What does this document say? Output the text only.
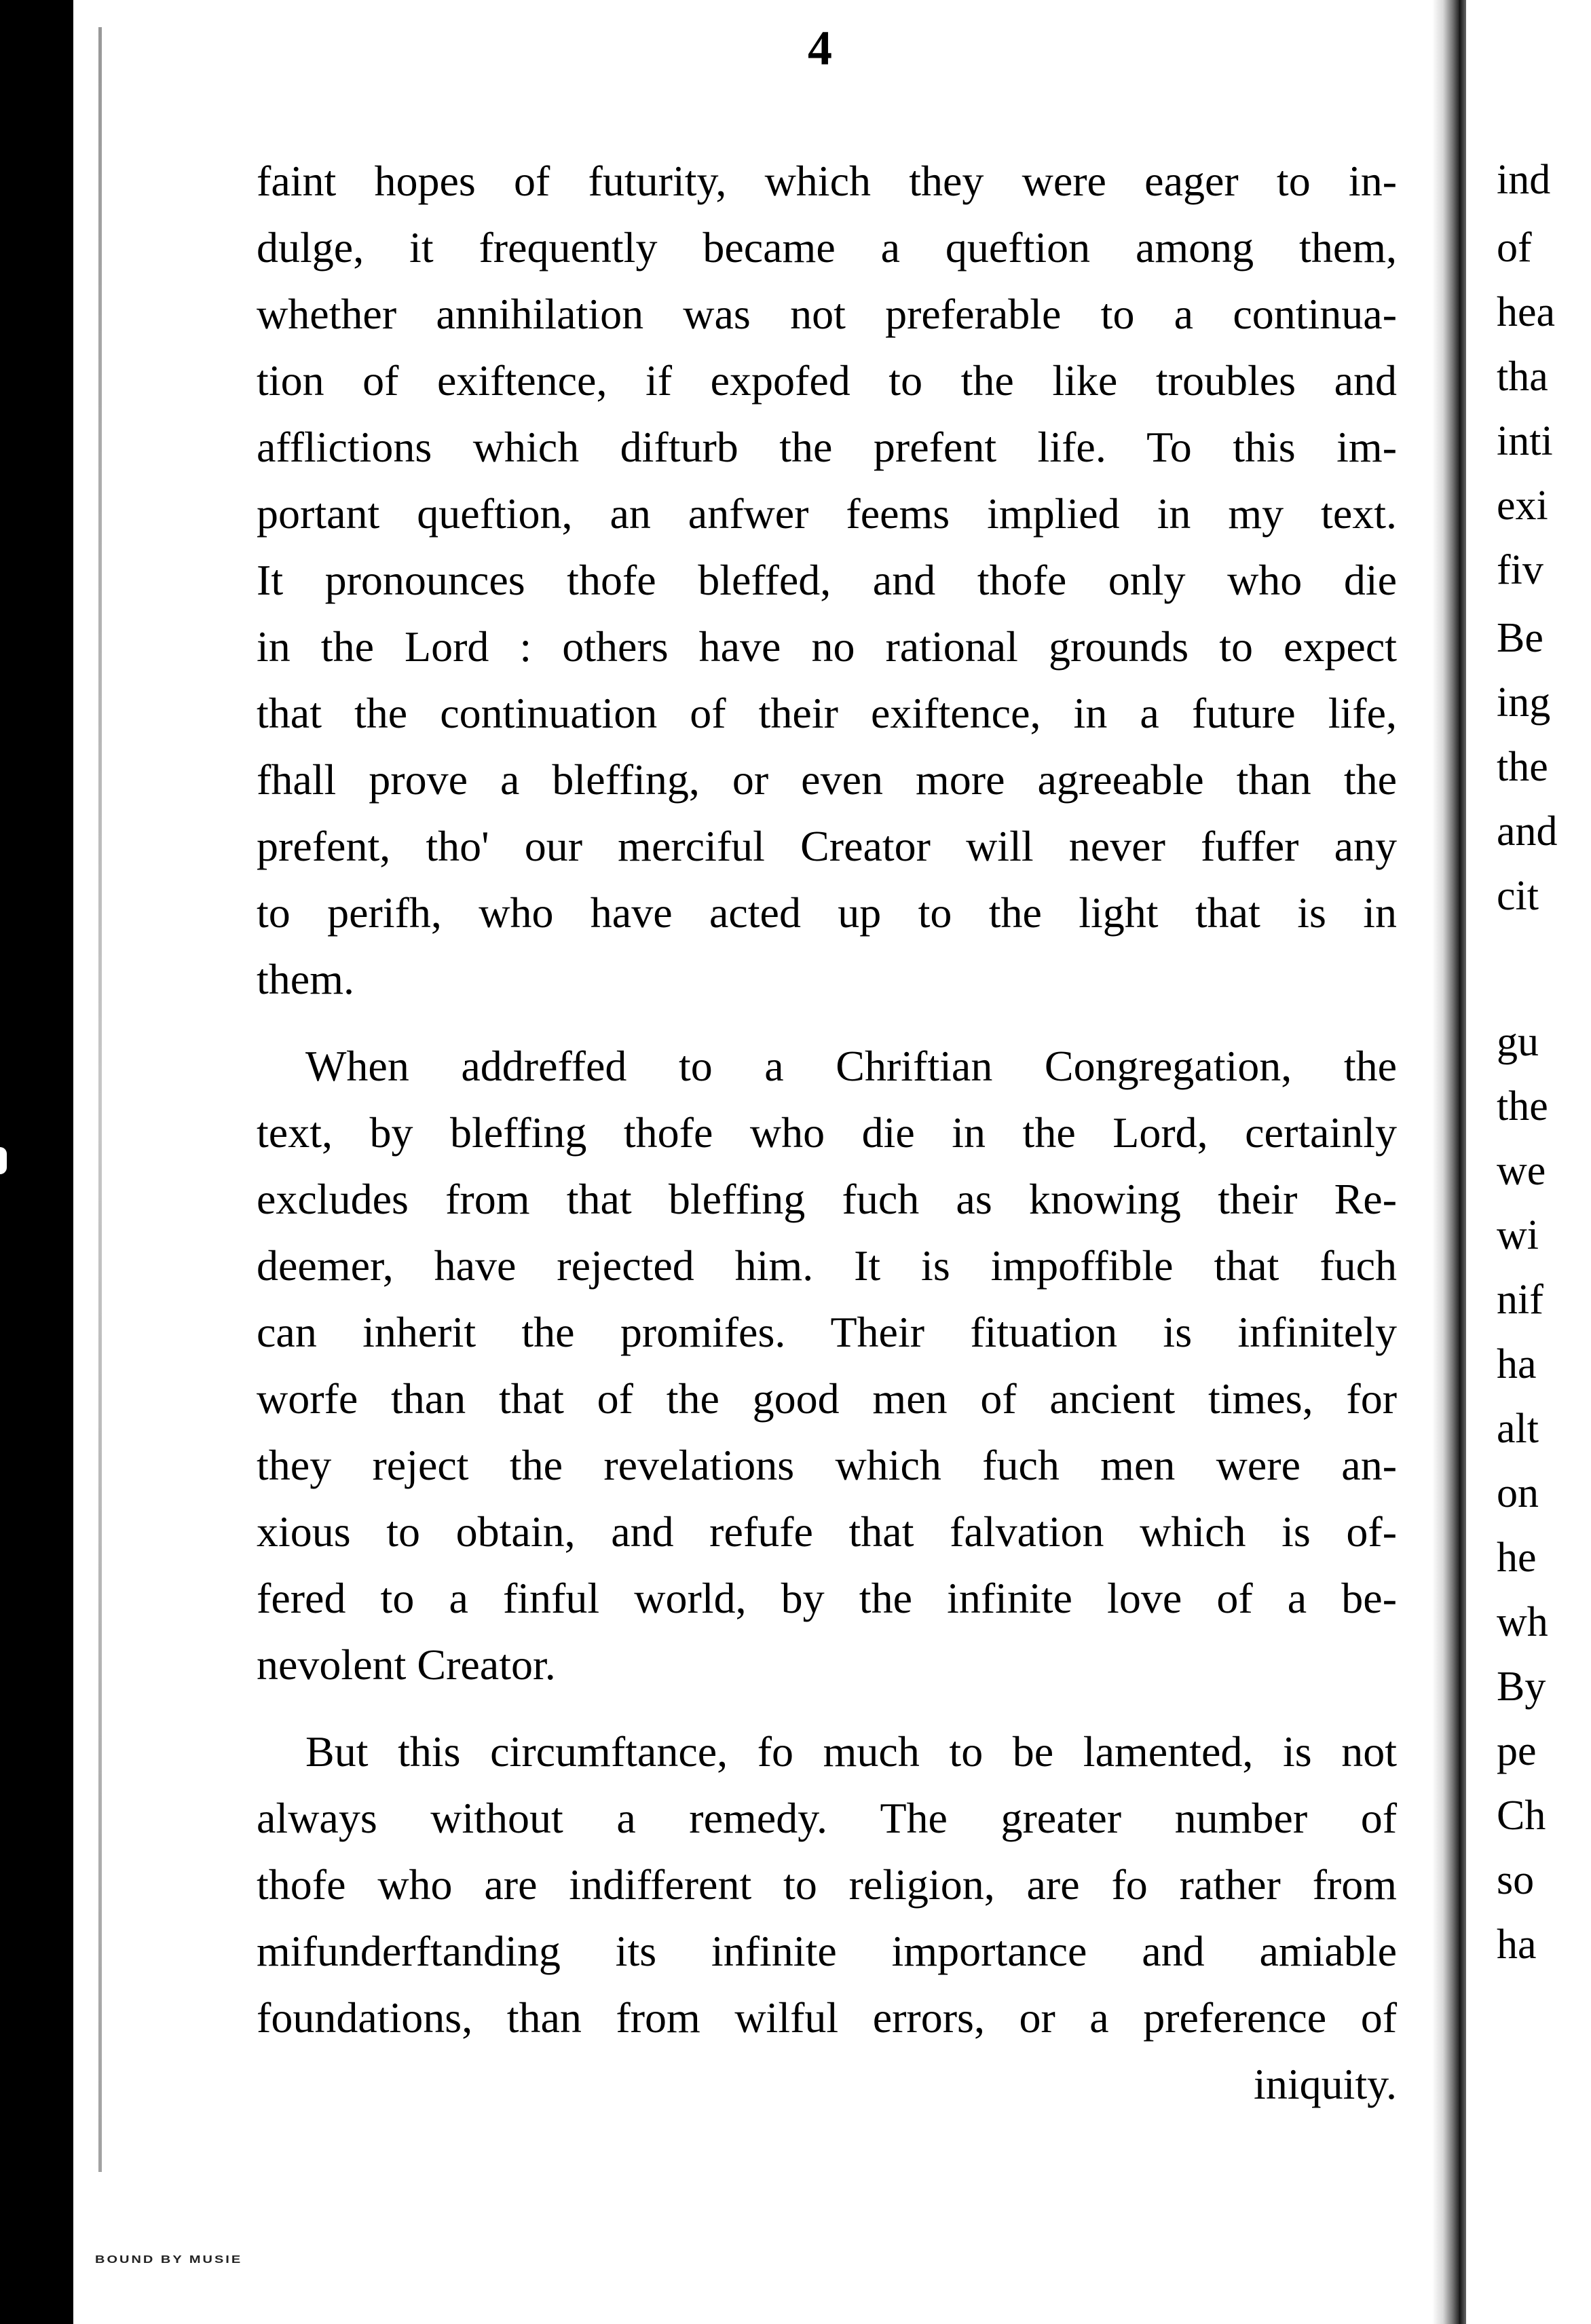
4
faint hopes of futurity, which they were eager to in-
dulge, it frequently became a queftion among them,
whether annihilation was not preferable to a continua-
tion of exiftence, if expofed to the like troubles and
afflictions which difturb the prefent life. To this im-
portant queftion, an anfwer feems implied in my text.
It pronounces thofe bleffed, and thofe only who die
in the Lord : others have no rational grounds to expect
that the continuation of their exiftence, in a future life,
fhall prove a bleffing, or even more agreeable than the
prefent, tho' our merciful Creator will never fuffer any
to perifh, who have acted up to the light that is in
them.
When addreffed to a Chriftian Congregation, the
text, by bleffing thofe who die in the Lord, certainly
excludes from that bleffing fuch as knowing their Re-
deemer, have rejected him. It is impoffible that fuch
can inherit the promifes. Their fituation is infinitely
worfe than that of the good men of ancient times, for
they reject the revelations which fuch men were an-
xious to obtain, and refufe that falvation which is of-
fered to a finful world, by the infinite love of a be-
nevolent Creator.
But this circumftance, fo much to be lamented, is not
always without a remedy. The greater number of
thofe who are indifferent to religion, are fo rather from
mifunderftanding its infinite importance and amiable
foundations, than from wilful errors, or a preference of
iniquity.
ind
of
hea
tha
inti
exi
fiv
Be
ing
the
and
cit
gu
the
we
wi
nif
ha
alt
on
he
wh
By
pe
Ch
so
ha
BOUND BY MUSIE
